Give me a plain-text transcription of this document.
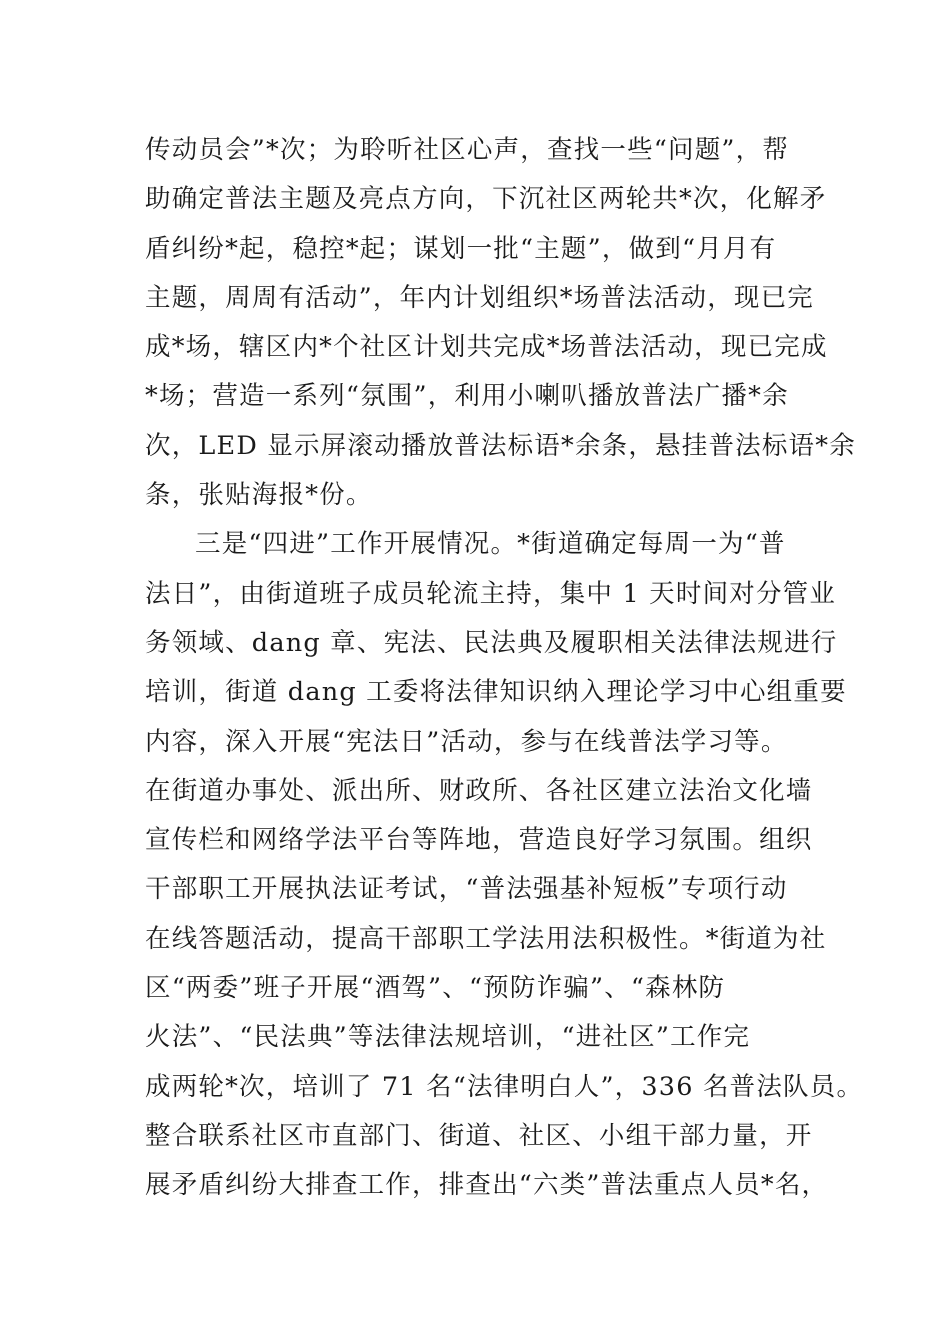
传动员会”*次；为聆听社区心声，查找一些“问题”，帮
助确定普法主题及亮点方向，下沉社区两轮共*次，化解矛
盾纠纷*起，稳控*起；谋划一批“主题”，做到“月月有
主题，周周有活动”，年内计划组织*场普法活动，现已完
成*场，辖区内*个社区计划共完成*场普法活动，现已完成
*场；营造一系列“氛围”，利用小喇叭播放普法广播*余
次，LED 显示屏滚动播放普法标语*余条，悬挂普法标语*余
条，张贴海报*份。
三是“四进”工作开展情况。*街道确定每周一为“普
法日”，由街道班子成员轮流主持，集中 1 天时间对分管业
务领域、dang 章、宪法、民法典及履职相关法律法规进行
培训，街道 dang 工委将法律知识纳入理论学习中心组重要
内容，深入开展“宪法日”活动，参与在线普法学习等。
在街道办事处、派出所、财政所、各社区建立法治文化墙
宣传栏和网络学法平台等阵地，营造良好学习氛围。组织
干部职工开展执法证考试，“普法强基补短板”专项行动
在线答题活动，提高干部职工学法用法积极性。*街道为社
区“两委”班子开展“酒驾”、“预防诈骗”、“森林防
火法”、“民法典”等法律法规培训，“进社区”工作完
成两轮*次，培训了 71 名“法律明白人”，336 名普法队员。
整合联系社区市直部门、街道、社区、小组干部力量，开
展矛盾纠纷大排查工作，排查出“六类”普法重点人员*名，
